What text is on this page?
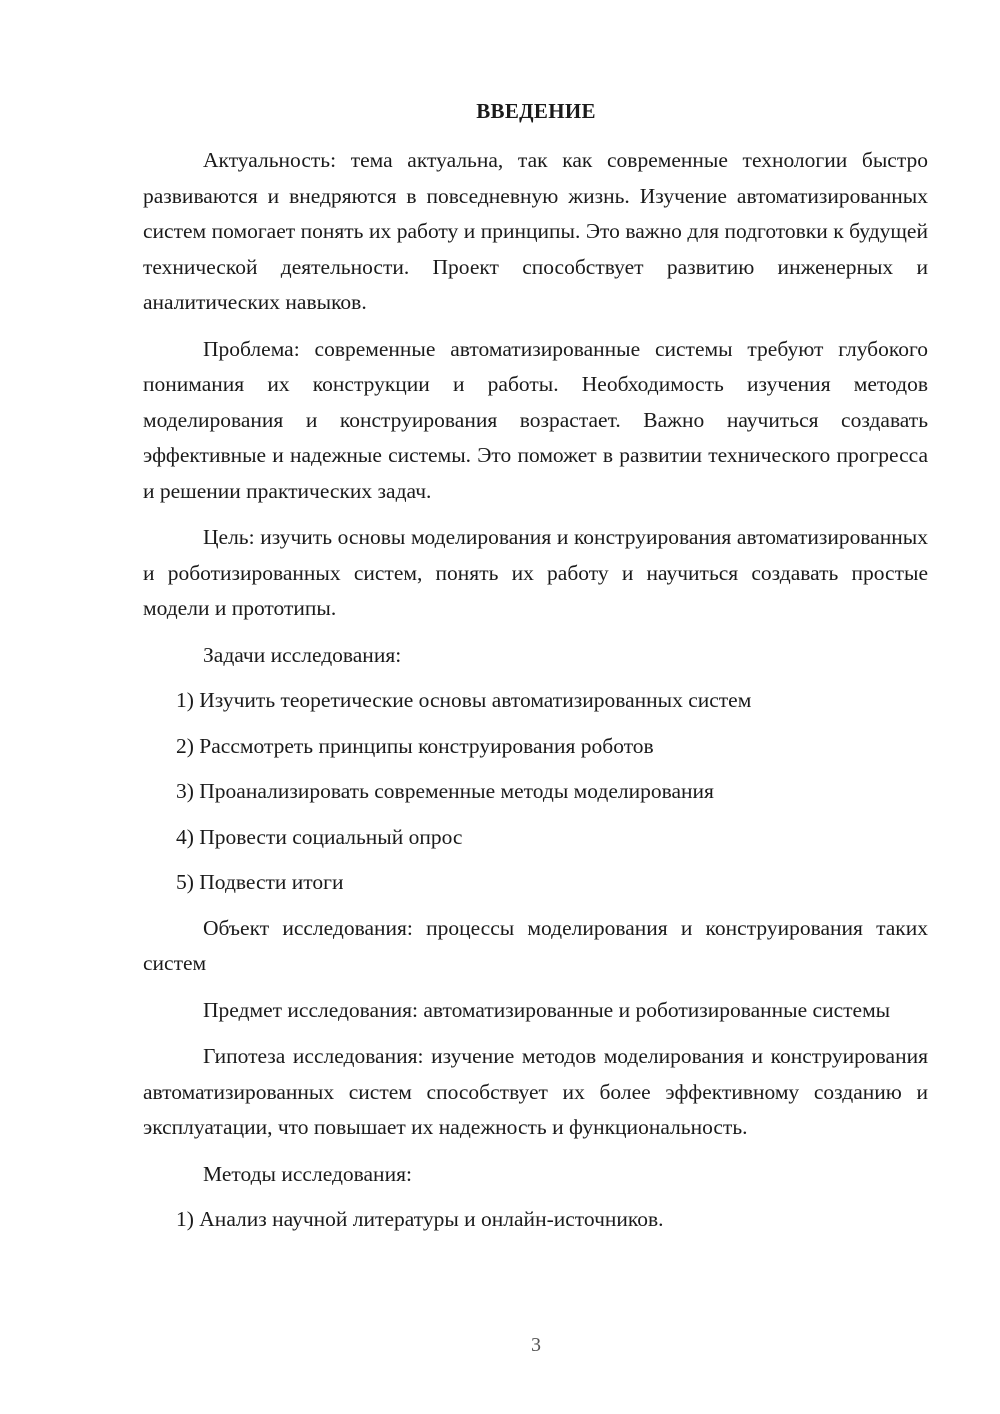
ВВЕДЕНИЕ

Актуальность: тема актуальна, так как современные технологии быстро развиваются и внедряются в повседневную жизнь. Изучение автоматизированных систем помогает понять их работу и принципы. Это важно для подготовки к будущей технической деятельности. Проект способствует развитию инженерных и аналитических навыков.

Проблема: современные автоматизированные системы требуют глубокого понимания их конструкции и работы. Необходимость изучения методов моделирования и конструирования возрастает. Важно научиться создавать эффективные и надежные системы. Это поможет в развитии технического прогресса и решении практических задач.

Цель: изучить основы моделирования и конструирования автоматизированных и роботизированных систем, понять их работу и научиться создавать простые модели и прототипы.

Задачи исследования:

1) Изучить теоретические основы автоматизированных систем

2) Рассмотреть принципы конструирования роботов

3) Проанализировать современные методы моделирования

4) Провести социальный опрос

5) Подвести итоги

Объект исследования: процессы моделирования и конструирования таких систем

Предмет исследования: автоматизированные и роботизированные системы

Гипотеза исследования: изучение методов моделирования и конструирования автоматизированных систем способствует их более эффективному созданию и эксплуатации, что повышает их надежность и функциональность.

Методы исследования:

1) Анализ научной литературы и онлайн-источников.

3
